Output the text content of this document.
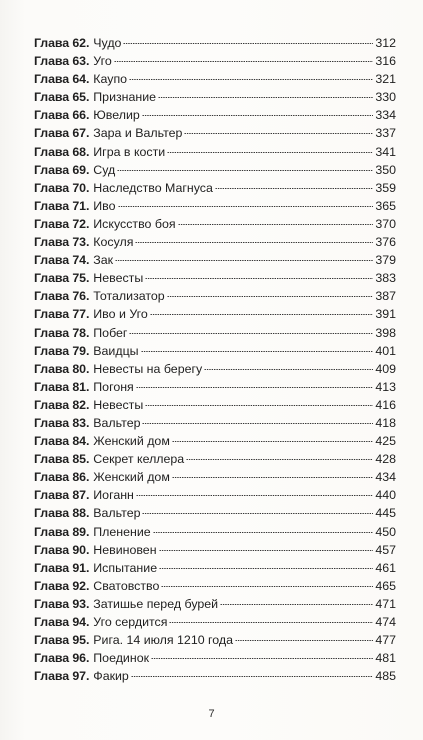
Глава 62. Чудо	312
Глава 63. Уго	316
Глава 64. Каупо	321
Глава 65. Признание	330
Глава 66. Ювелир	334
Глава 67. Зара и Вальтер	337
Глава 68. Игра в кости	341
Глава 69. Суд	350
Глава 70. Наследство Магнуса	359
Глава 71. Иво	365
Глава 72. Искусство боя	370
Глава 73. Косуля	376
Глава 74. Зак	379
Глава 75. Невесты	383
Глава 76. Тотализатор	387
Глава 77. Иво и Уго	391
Глава 78. Побег	398
Глава 79. Ваидцы	401
Глава 80. Невесты на берегу	409
Глава 81. Погоня	413
Глава 82. Невесты	416
Глава 83. Вальтер	418
Глава 84. Женский дом	425
Глава 85. Секрет келлера	428
Глава 86. Женский дом	434
Глава 87. Иоганн	440
Глава 88. Вальтер	445
Глава 89. Пленение	450
Глава 90. Невиновен	457
Глава 91. Испытание	461
Глава 92. Сватовство	465
Глава 93. Затишье перед бурей	471
Глава 94. Уго сердится	474
Глава 95. Рига. 14 июля 1210 года	477
Глава 96. Поединок	481
Глава 97. Факир	485
7
